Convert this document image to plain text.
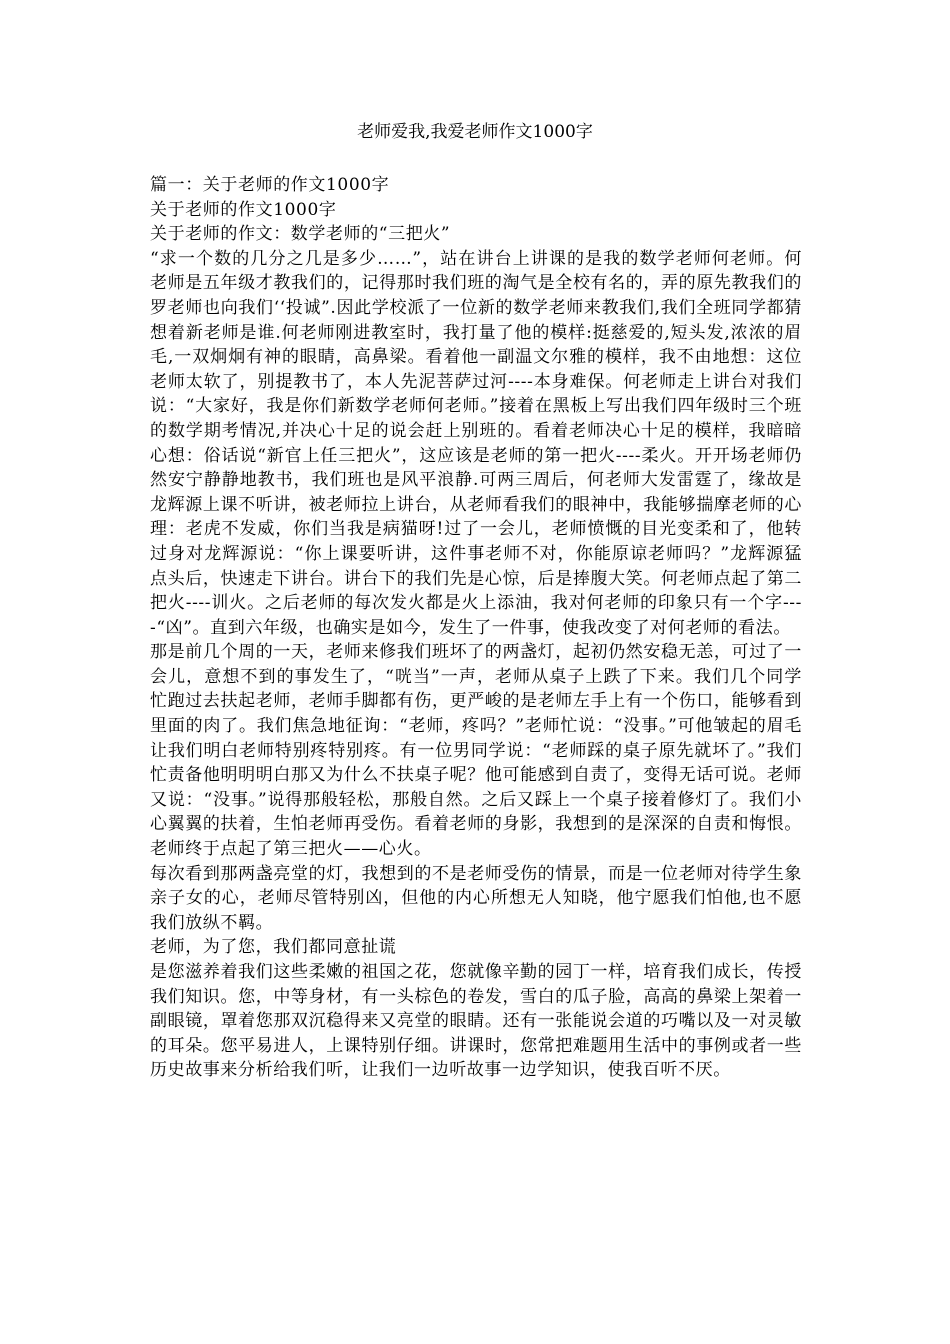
老师爱我,我爱老师作文1000字

篇一：关于老师的作文1000字

关于老师的作文1000字

关于老师的作文：数学老师的“三把火”

“求一个数的几分之几是多少……”，站在讲台上讲课的是我的数学老师何老师。何老师是五年级才教我们的，记得那时我们班的淘气是全校有名的，弄的原先教我们的罗老师也向我们‘‘投诚”.因此学校派了一位新的数学老师来教我们,我们全班同学都猜想着新老师是谁.何老师刚进教室时，我打量了他的模样:挺慈爱的,短头发,浓浓的眉毛,一双炯炯有神的眼睛，高鼻梁。看着他一副温文尔雅的模样，我不由地想：这位老师太软了，别提教书了，本人先泥菩萨过河----本身难保。何老师走上讲台对我们说：“大家好，我是你们新数学老师何老师。”接着在黑板上写出我们四年级时三个班的数学期考情况,并决心十足的说会赶上别班的。看着老师决心十足的模样，我暗暗心想：俗话说“新官上任三把火”，这应该是老师的第一把火----柔火。开开场老师仍然安宁静静地教书，我们班也是风平浪静.可两三周后，何老师大发雷霆了，缘故是龙辉源上课不听讲，被老师拉上讲台，从老师看我们的眼神中，我能够揣摩老师的心理：老虎不发威，你们当我是病猫呀!过了一会儿，老师愤慨的目光变柔和了，他转过身对龙辉源说：“你上课要听讲，这件事老师不对，你能原谅老师吗？”龙辉源猛点头后，快速走下讲台。讲台下的我们先是心惊，后是捧腹大笑。何老师点起了第二把火----训火。之后老师的每次发火都是火上添油，我对何老师的印象只有一个字----“凶”。直到六年级，也确实是如今，发生了一件事，使我改变了对何老师的看法。

那是前几个周的一天，老师来修我们班坏了的两盏灯，起初仍然安稳无恙，可过了一会儿，意想不到的事发生了，“咣当”一声，老师从桌子上跌了下来。我们几个同学忙跑过去扶起老师，老师手脚都有伤，更严峻的是老师左手上有一个伤口，能够看到里面的肉了。我们焦急地征询：“老师，疼吗？”老师忙说：“没事。”可他皱起的眉毛让我们明白老师特别疼特别疼。有一位男同学说：“老师踩的桌子原先就坏了。”我们忙责备他明明明白那又为什么不扶桌子呢？他可能感到自责了，变得无话可说。老师又说：“没事。”说得那般轻松，那般自然。之后又踩上一个桌子接着修灯了。我们小心翼翼的扶着，生怕老师再受伤。看着老师的身影，我想到的是深深的自责和悔恨。老师终于点起了第三把火——心火。

每次看到那两盏亮堂的灯，我想到的不是老师受伤的情景，而是一位老师对待学生象亲子女的心，老师尽管特别凶，但他的内心所想无人知晓，他宁愿我们怕他,也不愿我们放纵不羁。

老师，为了您，我们都同意扯谎

是您滋养着我们这些柔嫩的祖国之花，您就像辛勤的园丁一样，培育我们成长，传授我们知识。您，中等身材，有一头棕色的卷发，雪白的瓜子脸，高高的鼻梁上架着一副眼镜，罩着您那双沉稳得来又亮堂的眼睛。还有一张能说会道的巧嘴以及一对灵敏的耳朵。您平易进人，上课特别仔细。讲课时，您常把难题用生活中的事例或者一些历史故事来分析给我们听，让我们一边听故事一边学知识，使我百听不厌。
